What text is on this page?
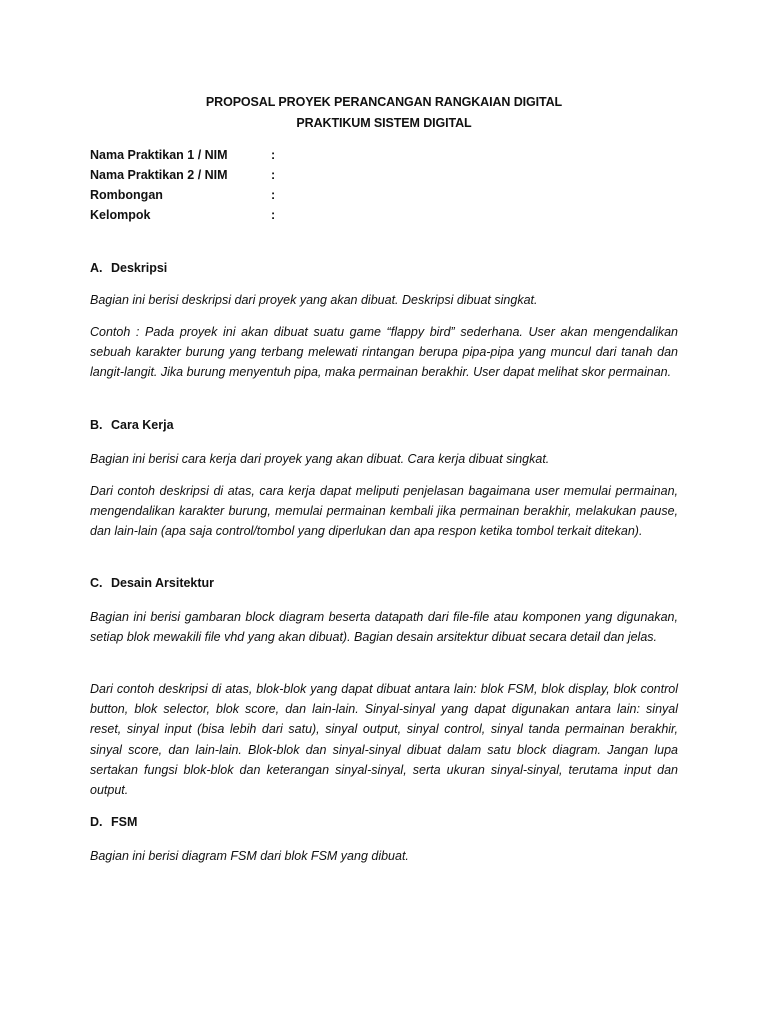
PROPOSAL PROYEK PERANCANGAN RANGKAIAN DIGITAL
PRAKTIKUM SISTEM DIGITAL
Nama Praktikan 1 / NIM	:
Nama Praktikan 2 / NIM	:
Rombongan	:
Kelompok	:
A. Deskripsi

Bagian ini berisi deskripsi dari proyek yang akan dibuat. Deskripsi dibuat singkat.

Contoh : Pada proyek ini akan dibuat suatu game “flappy bird” sederhana. User akan mengendalikan sebuah karakter burung yang terbang melewati rintangan berupa pipa-pipa yang muncul dari tanah dan langit-langit. Jika burung menyentuh pipa, maka permainan berakhir. User dapat melihat skor permainan.

B. Cara Kerja

Bagian ini berisi cara kerja dari proyek yang akan dibuat. Cara kerja dibuat singkat.

Dari contoh deskripsi di atas, cara kerja dapat meliputi penjelasan bagaimana user memulai permainan, mengendalikan karakter burung, memulai permainan kembali jika permainan berakhir, melakukan pause, dan lain-lain (apa saja control/tombol yang diperlukan dan apa respon ketika tombol terkait ditekan).

C. Desain Arsitektur

Bagian ini berisi gambaran block diagram beserta datapath dari file-file atau komponen yang digunakan, setiap blok mewakili file vhd yang akan dibuat). Bagian desain arsitektur dibuat secara detail dan jelas.

Dari contoh deskripsi di atas, blok-blok yang dapat dibuat antara lain: blok FSM, blok display, blok control button, blok selector, blok score, dan lain-lain. Sinyal-sinyal yang dapat digunakan antara lain: sinyal reset, sinyal input (bisa lebih dari satu), sinyal output, sinyal control, sinyal tanda permainan berakhir, sinyal score, dan lain-lain. Blok-blok dan sinyal-sinyal dibuat dalam satu block diagram. Jangan lupa sertakan fungsi blok-blok dan keterangan sinyal-sinyal, serta ukuran sinyal-sinyal, terutama input dan output.

D. FSM

Bagian ini berisi diagram FSM dari blok FSM yang dibuat.
